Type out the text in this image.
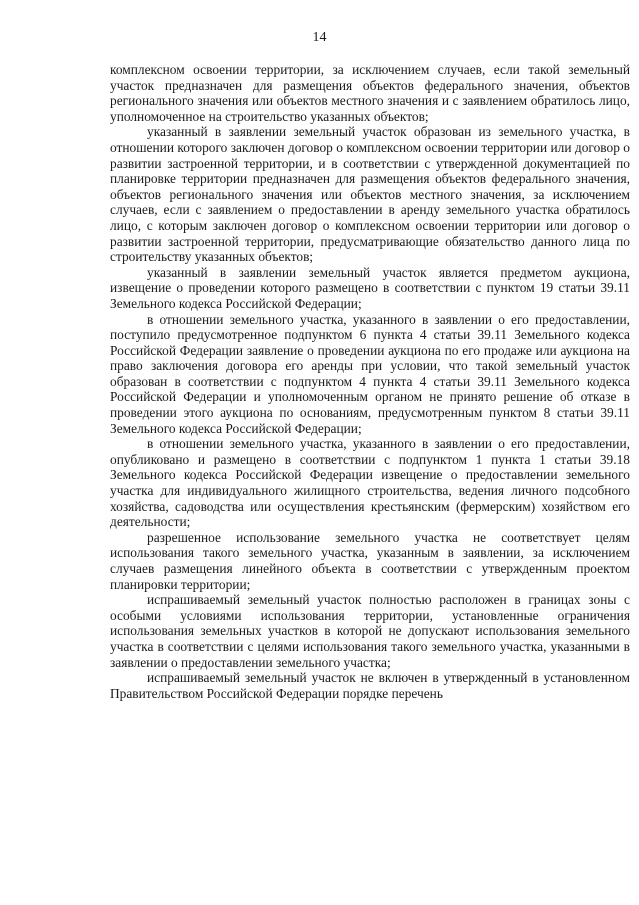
14

комплексном освоении территории, за исключением случаев, если такой земельный участок предназначен для размещения объектов федерального значения, объектов регионального значения или объектов местного значения и с заявлением обратилось лицо, уполномоченное на строительство указанных объектов;

указанный в заявлении земельный участок образован из земельного участка, в отношении которого заключен договор о комплексном освоении территории или договор о развитии застроенной территории, и в соответствии с утвержденной документацией по планировке территории предназначен для размещения объектов федерального значения, объектов регионального значения или объектов местного значения, за исключением случаев, если с заявлением о предоставлении в аренду земельного участка обратилось лицо, с которым заключен договор о комплексном освоении территории или договор о развитии застроенной территории, предусматривающие обязательство данного лица по строительству указанных объектов;

указанный в заявлении земельный участок является предметом аукциона, извещение о проведении которого размещено в соответствии с пунктом 19 статьи 39.11 Земельного кодекса Российской Федерации;

в отношении земельного участка, указанного в заявлении о его предоставлении, поступило предусмотренное подпунктом 6 пункта 4 статьи 39.11 Земельного кодекса Российской Федерации заявление о проведении аукциона по его продаже или аукциона на право заключения договора его аренды при условии, что такой земельный участок образован в соответствии с подпунктом 4 пункта 4 статьи 39.11 Земельного кодекса Российской Федерации и уполномоченным органом не принято решение об отказе в проведении этого аукциона по основаниям, предусмотренным пунктом 8 статьи 39.11 Земельного кодекса Российской Федерации;

в отношении земельного участка, указанного в заявлении о его предоставлении, опубликовано и размещено в соответствии с подпунктом 1 пункта 1 статьи 39.18 Земельного кодекса Российской Федерации извещение о предоставлении земельного участка для индивидуального жилищного строительства, ведения личного подсобного хозяйства, садоводства или осуществления крестьянским (фермерским) хозяйством его деятельности;

разрешенное использование земельного участка не соответствует целям использования такого земельного участка, указанным в заявлении, за исключением случаев размещения линейного объекта в соответствии с утвержденным проектом планировки территории;

испрашиваемый земельный участок полностью расположен в границах зоны с особыми условиями использования территории, установленные ограничения использования земельных участков в которой не допускают использования земельного участка в соответствии с целями использования такого земельного участка, указанными в заявлении о предоставлении земельного участка;

испрашиваемый земельный участок не включен в утвержденный в установленном Правительством Российской Федерации порядке перечень
